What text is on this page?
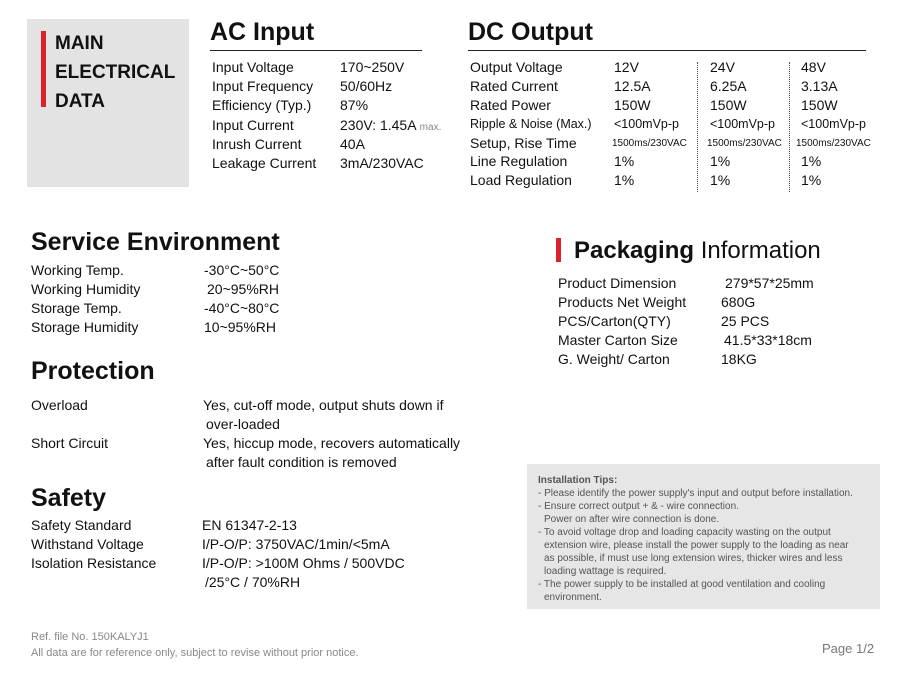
MAIN
ELECTRICAL
DATA
AC Input
Input Voltage	170~250V
Input Frequency 50/60Hz
Efficiency (Typ.) 87%
Input Current	230V: 1.45A max.
Inrush Current	40A
Leakage Current 3mA/230VAC
DC Output
Output Voltage	12V	24V	48V
Rated Current	12.5A	6.25A	3.13A
Rated Power	150W	150W	150W
Ripple & Noise (Max.) <100mVp-p <100mVp-p <100mVp-p
Setup, Rise Time	1500ms/230VAC 1500ms/230VAC 1500ms/230VAC
Line Regulation	1%	1%	1%
Load Regulation	1%	1%	1%
Service Environment
Working Temp.	-30°C~50°C
Working Humidity	20~95%RH
Storage Temp.	-40°C~80°C
Storage Humidity	10~95%RH
Protection
Overload	Yes, cut-off mode, output shuts down if
over-loaded
Short Circuit	Yes, hiccup mode, recovers automatically
after fault condition is removed
Safety
Safety Standard	EN 61347-2-13
Withstand Voltage	I/P-O/P: 3750VAC/1min/<5mA
Isolation Resistance	I/P-O/P: >100M Ohms / 500VDC
/25°C / 70%RH
Packaging Information
Product Dimension	279*57*25mm
Products Net Weight 680G
PCS/Carton(QTY)	25 PCS
Master Carton Size	41.5*33*18cm
G. Weight/ Carton	18KG
Installation Tips:
- Please identify the power supply's input and output before installation.
- Ensure correct output + & - wire connection.
Power on after wire connection is done.
- To avoid voltage drop and loading capacity wasting on the output
extension wire, please install the power supply to the loading as near
as possible, if must use long extension wires, thicker wires and less
loading wattage is required.
- The power supply to be installed at good ventilation and cooling
environment.
Ref. file No. 150KALYJ1
All data are for reference only, subject to revise without prior notice.	Page 1/2
